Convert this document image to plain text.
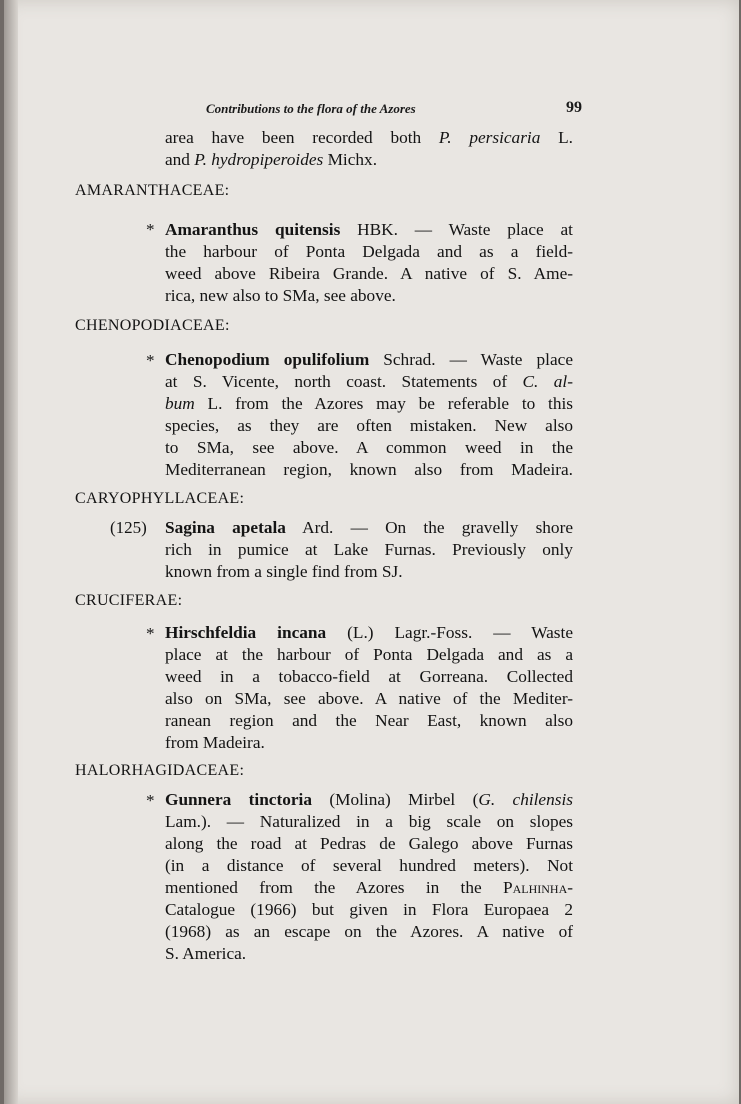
Contributions to the flora of the Azores	99
area have been recorded both P. persicaria L.
and P. hydropiperoides Michx.
AMARANTHACEAE:
* Amaranthus quitensis HBK. — Waste place at
the harbour of Ponta Delgada and as a field-
weed above Ribeira Grande. A native of S. Ame-
rica, new also to SMa, see above.
CHENOPODIACEAE:
* Chenopodium opulifolium Schrad. — Waste place
at S. Vicente, north coast. Statements of C. al-
bum L. from the Azores may be referable to this
species, as they are often mistaken. New also
to SMa, see above. A common weed in the
Mediterranean region, known also from Madeira.
CARYOPHYLLACEAE:
(125) Sagina apetala Ard. — On the gravelly shore
rich in pumice at Lake Furnas. Previously only
known from a single find from SJ.
CRUCIFERAE:
* Hirschfeldia incana (L.) Lagr.-Foss. — Waste
place at the harbour of Ponta Delgada and as a
weed in a tobacco-field at Gorreana. Collected
also on SMa, see above. A native of the Mediter-
ranean region and the Near East, known also
from Madeira.
HALORHAGIDACEAE:
* Gunnera tinctoria (Molina) Mirbel (G. chilensis
Lam.). — Naturalized in a big scale on slopes
along the road at Pedras de Galego above Furnas
(in a distance of several hundred meters). Not
mentioned from the Azores in the Palhinha-
Catalogue (1966) but given in Flora Europaea 2
(1968) as an escape on the Azores. A native of
S. America.
